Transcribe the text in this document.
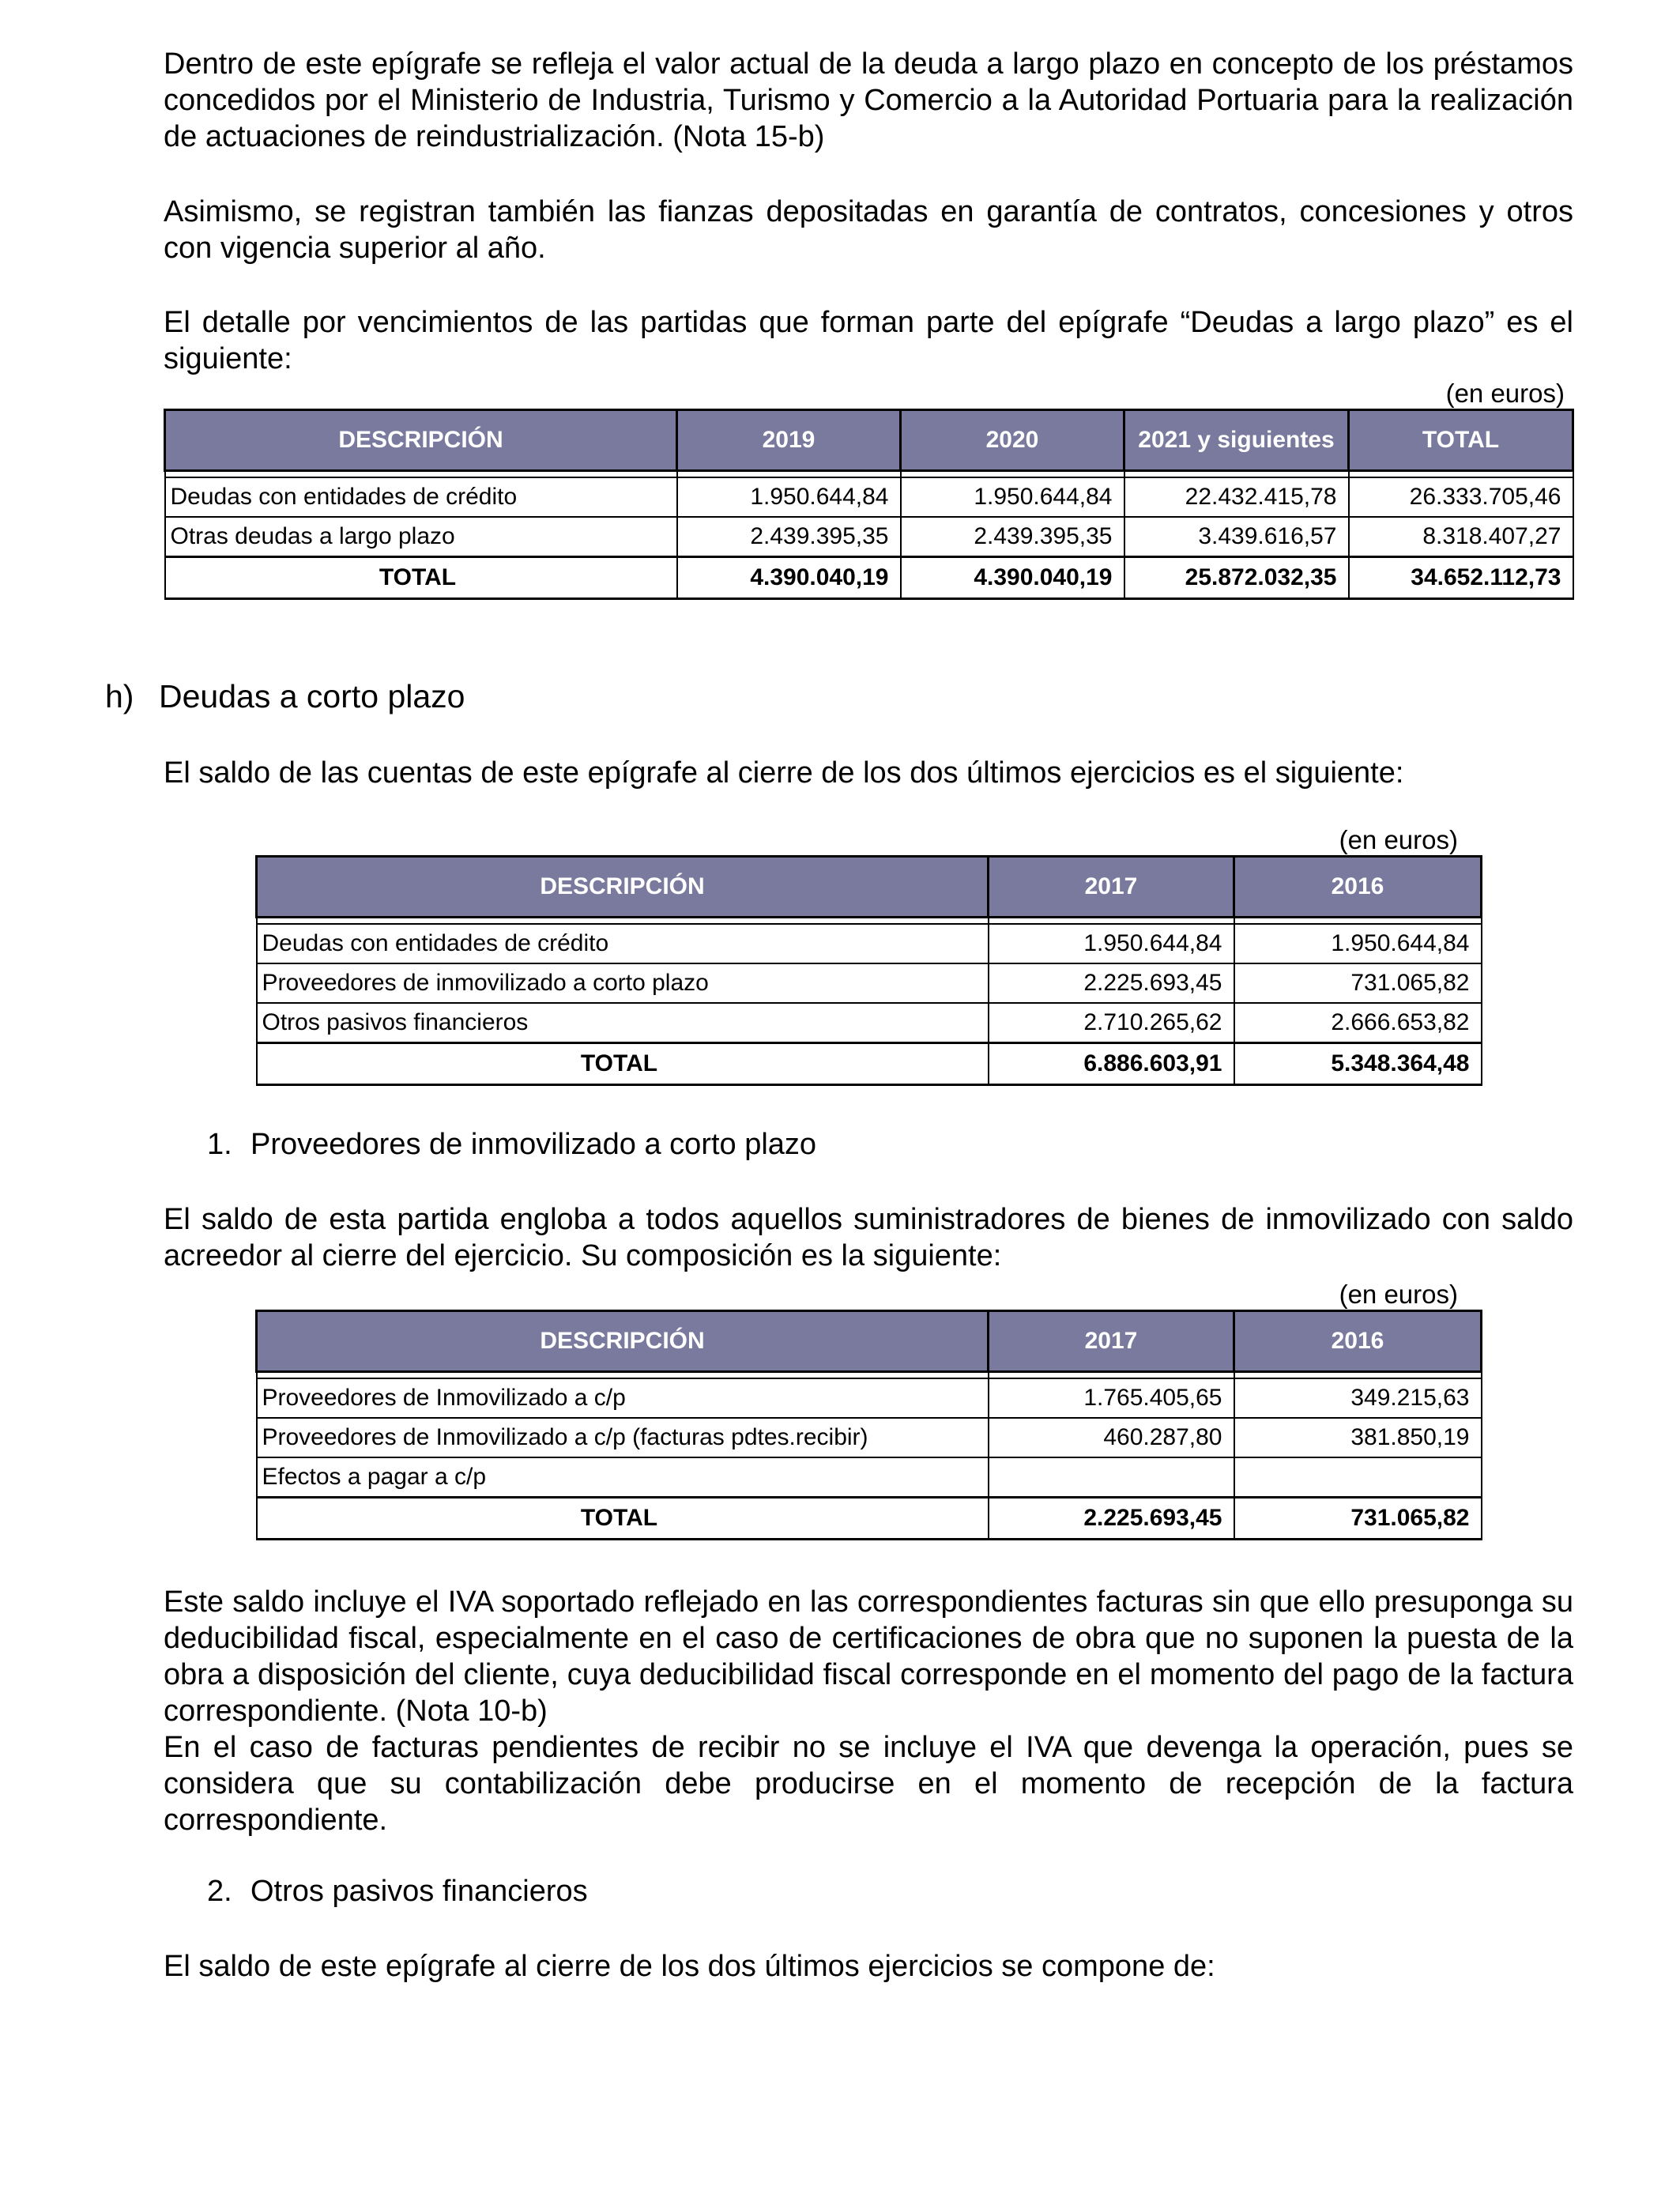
Dentro de este epígrafe se refleja el valor actual de la deuda a largo plazo en concepto de los préstamos concedidos por el Ministerio de Industria, Turismo y Comercio a la Autoridad Portuaria para la realización de actuaciones de reindustrialización. (Nota 15-b)

Asimismo, se registran también las fianzas depositadas en garantía de contratos, concesiones y otros con vigencia superior al año.

El detalle por vencimientos de las partidas que forman parte del epígrafe “Deudas a largo plazo” es el siguiente:

(en euros)
DESCRIPCIÓN	2019	2020	2021 y siguientes	TOTAL

Deudas con entidades de crédito	1.950.644,84	1.950.644,84	22.432.415,78	26.333.705,46
Otras deudas a largo plazo	2.439.395,35	2.439.395,35	3.439.616,57	8.318.407,27
TOTAL	4.390.040,19	4.390.040,19	25.872.032,35	34.652.112,73

h) Deudas a corto plazo

El saldo de las cuentas de este epígrafe al cierre de los dos últimos ejercicios es el siguiente:

(en euros)
DESCRIPCIÓN	2017	2016

Deudas con entidades de crédito	1.950.644,84	1.950.644,84
Proveedores de inmovilizado a corto plazo	2.225.693,45	731.065,82
Otros pasivos financieros	2.710.265,62	2.666.653,82
TOTAL	6.886.603,91	5.348.364,48

1. Proveedores de inmovilizado a corto plazo

El saldo de esta partida engloba a todos aquellos suministradores de bienes de inmovilizado con saldo acreedor al cierre del ejercicio. Su composición es la siguiente:

(en euros)
DESCRIPCIÓN	2017	2016

Proveedores de Inmovilizado a c/p	1.765.405,65	349.215,63
Proveedores de Inmovilizado a c/p (facturas pdtes.recibir)	460.287,80	381.850,19
Efectos a pagar a c/p		
TOTAL	2.225.693,45	731.065,82

Este saldo incluye el IVA soportado reflejado en las correspondientes facturas sin que ello presuponga su deducibilidad fiscal, especialmente en el caso de certificaciones de obra que no suponen la puesta de la obra a disposición del cliente, cuya deducibilidad fiscal corresponde en el momento del pago de la factura correspondiente. (Nota 10-b)

En el caso de facturas pendientes de recibir no se incluye el IVA que devenga la operación, pues se considera que su contabilización debe producirse en el momento de recepción de la factura correspondiente.

2. Otros pasivos financieros

El saldo de este epígrafe al cierre de los dos últimos ejercicios se compone de:
